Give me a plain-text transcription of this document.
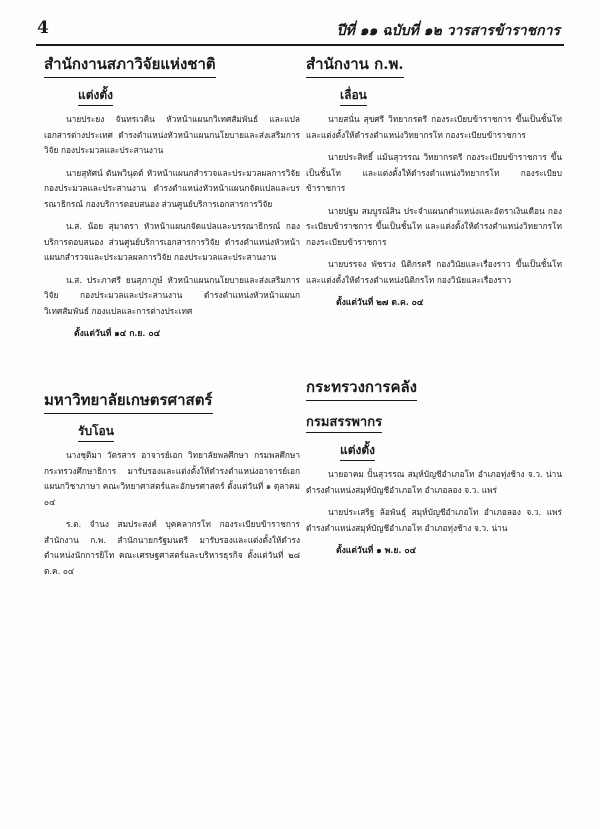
4	ปีที่ ๑๑ ฉบับที่ ๑๒ วารสารข้าราชการ
สำนักงานสภาวิจัยแห่งชาติ
แต่งตั้ง

นายประยง จันทรเวคิน หัวหน้าแผนกวิเทศสัมพันธ์ และแปลเอกสารต่างประเทศ ดำรงตำแหน่งหัวหน้าแผนกนโยบายและส่งเสริมการวิจัย กองประมวลและประสานงาน

นายสุทัศน์ ตันพวินุตต์ หัวหน้าแผนกสำรวจและประมวลผลการวิจัย กองประมวลและประสานงาน ดำรงตำแหน่งหัวหน้าแผนกจัดแปลและบรรณาธิกรณ์ กองบริการตอบสนอง ส่วนศูนย์บริการเอกสารการวิจัย

น.ส. น้อย สุมาตรา หัวหน้าแผนกจัดแปลและบรรณาธิกรณ์ กองบริการตอบสนอง ส่วนศูนย์บริการเอกสารการวิจัย ดำรงตำแหน่งหัวหน้าแผนกสำรวจและประมวลผลการวิจัย กองประมวลและประสานงาน

น.ส. ประภาศรี ยนสุภาภูษ์ หัวหน้าแผนกนโยบายและส่งเสริมการวิจัย กองประมวลและประสานงาน ดำรงตำแหน่งหัวหน้าแผนกวิเทศสัมพันธ์ กองแปลและการต่างประเทศ

ตั้งแต่วันที่ ๑๔ ก.ย. ๐๔
มหาวิทยาลัยเกษตรศาสตร์
รับโอน

นางชุติมา วัตรสาร อาจารย์เอก วิทยาลัยพลศึกษา กรมพลศึกษา กระทรวงศึกษาธิการ มารับรองและแต่งตั้งให้ดำรงตำแหน่งอาจารย์เอกแผนกวิชาภาษา คณะวิทยาศาสตร์และอักษรศาสตร์ ตั้งแต่วันที่ ๑ ตุลาคม ๐๔

ร.ต. จำนง สมประสงค์ บุคคลากรโท กองระเบียบข้าราชการ สำนักงาน ก.พ. สำนักนายกรัฐมนตรี มารับรองและแต่งตั้งให้ดำรงตำแหน่งนักการยิโท คณะเศรษฐศาสตร์และบริหารธุรกิจ ตั้งแต่วันที่ ๒๘ ต.ค. ๐๔

สำนักงาน ก.พ.
เลื่อน

นายสนั่น สุขศรี วิทยากรตรี กองระเบียบข้าราชการ ขึ้นเป็นชั้นโท และแต่งตั้งให้ดำรงตำแหน่งวิทยากรโท กองระเบียบข้าราชการ

นายประสิทธิ์ แม้นสุวรรณ วิทยากรตรี กองระเบียบข้าราชการ ขึ้นเป็นชั้นโท และแต่งตั้งให้ดำรงตำแหน่งวิทยากรโท กองระเบียบข้าราชการ

นายปฐม สมบูรณ์สิน ประจำแผนกตำแหน่งและอัตราเงินเดือน กองระเบียบข้าราชการ ขึ้นเป็นชั้นโท และแต่งตั้งให้ดำรงตำแหน่งวิทยากรโท กองระเบียบข้าราชการ

นายบรรจง พัชรวง นิติกรตรี กองวินัยและเรื่องราว ขึ้นเป็นชั้นโท และแต่งตั้งให้ดำรงตำแหน่งนิติกรโท กองวินัยและเรื่องราว

ตั้งแต่วันที่ ๒๗ ต.ค. ๐๔
กระทรวงการคลัง
กรมสรรพากร
แต่งตั้ง

นายอาคม ปั้นสุวรรณ สมุห์บัญชีอำเภอโท อำเภอทุ่งช้าง จ.ว. น่าน ดำรงตำแหน่งสมุห์บัญชีอำเภอโท อำเภอลอง จ.ว. แพร่

นายประเสริฐ ล้อพันธุ์ สมุห์บัญชีอำเภอโท อำเภอลอง จ.ว. แพร่ ดำรงตำแหน่งสมุห์บัญชีอำเภอโท อำเภอทุ่งช้าง จ.ว. น่าน

ตั้งแต่วันที่ ๑ พ.ย. ๐๔
